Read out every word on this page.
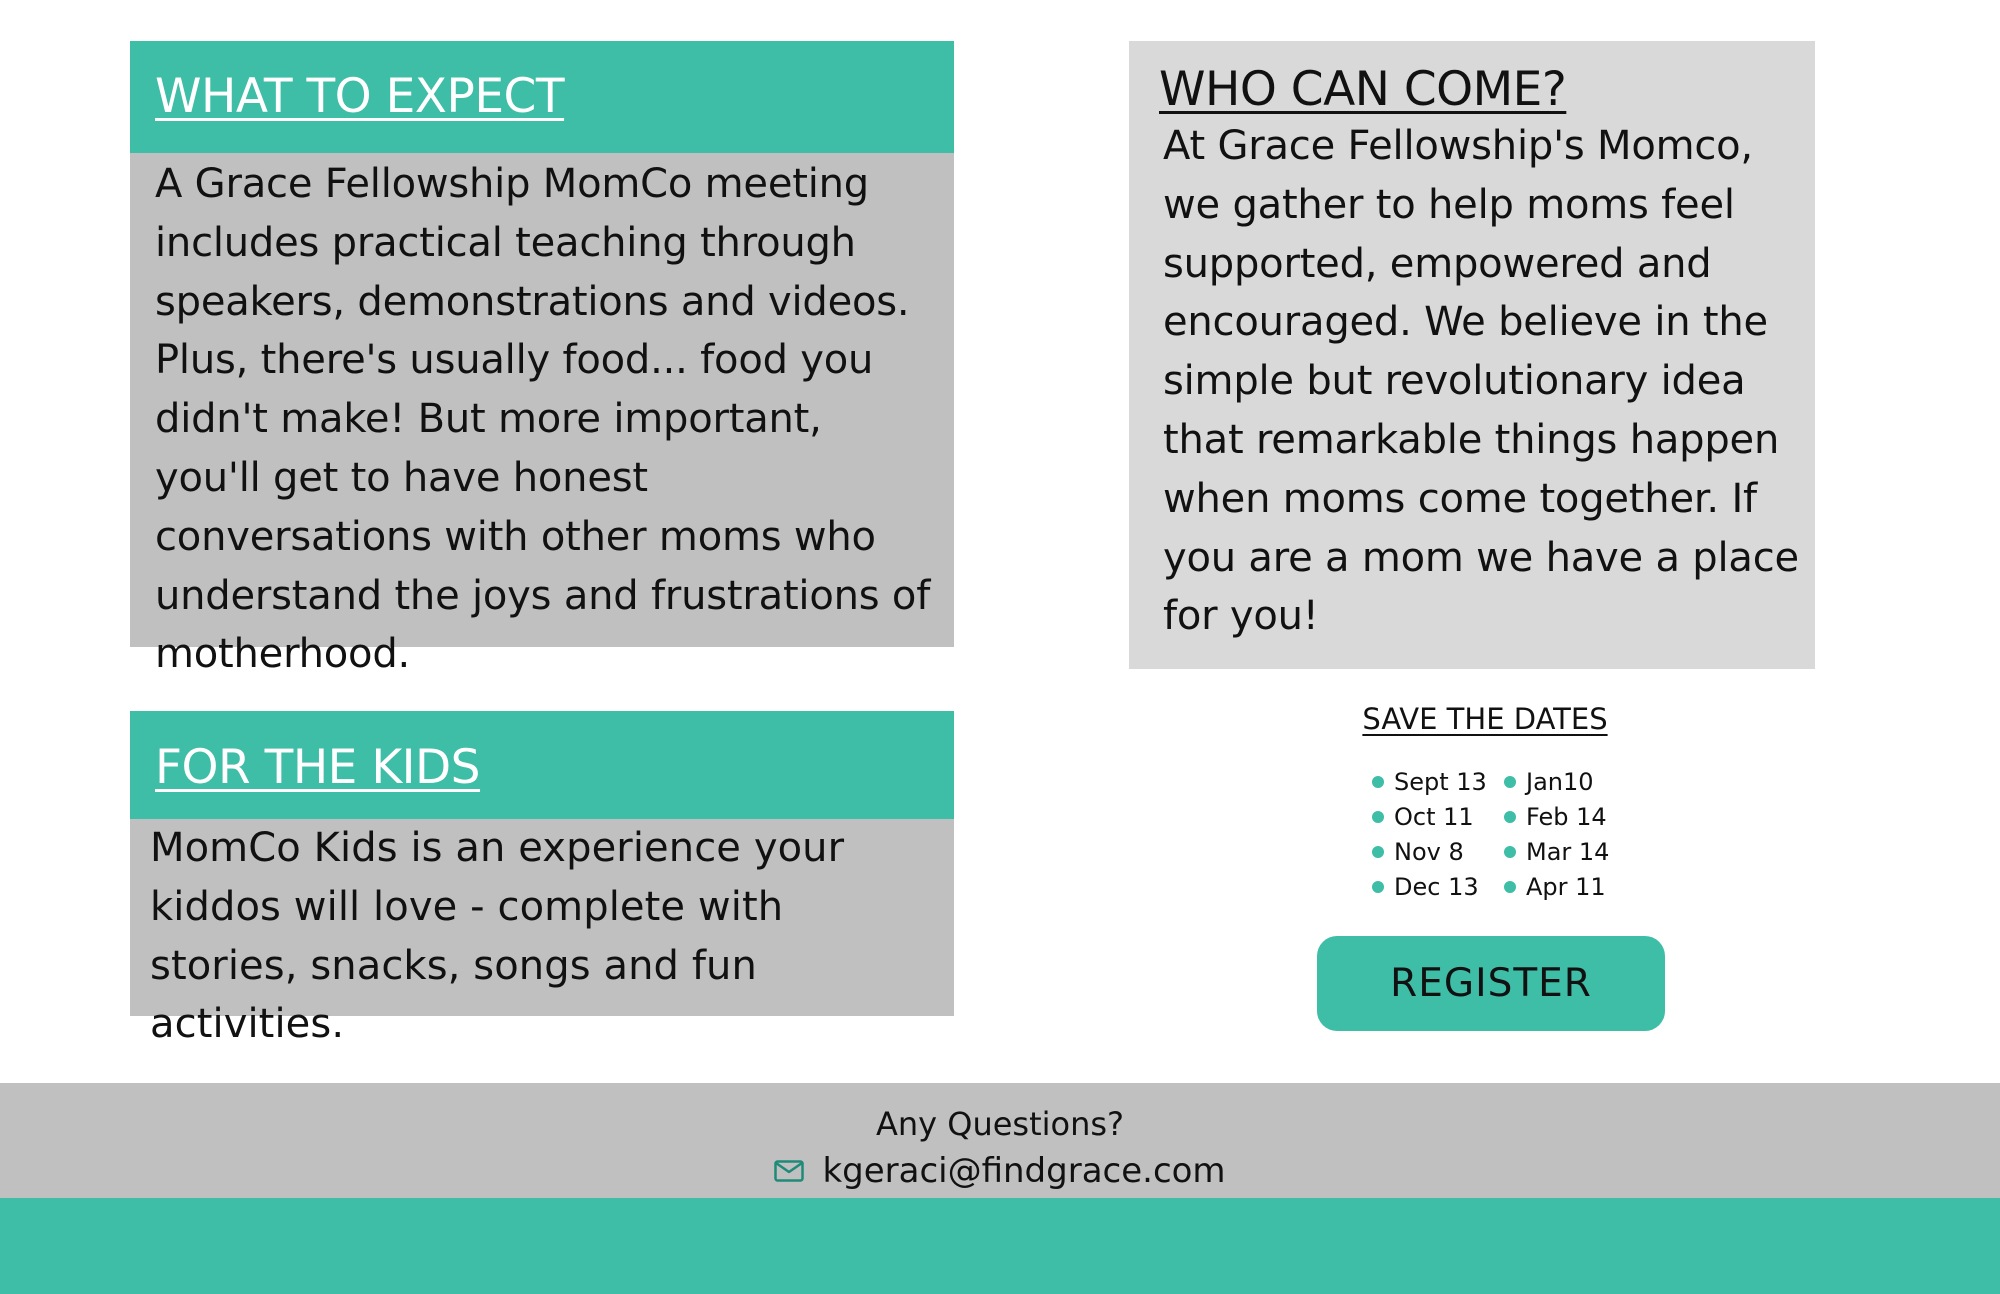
WHAT TO EXPECT

A Grace Fellowship MomCo meeting includes practical teaching through speakers, demonstrations and videos. Plus, there's usually food... food you didn't make! But more important, you'll get to have honest conversations with other moms who understand the joys and frustrations of motherhood.

FOR THE KIDS

MomCo Kids is an experience your kiddos will love - complete with stories, snacks, songs and fun activities.

WHO CAN COME?

At Grace Fellowship's Momco, we gather to help moms feel supported, empowered and encouraged. We believe in the simple but revolutionary idea that remarkable things happen when moms come together. If you are a mom we have a place for you!

SAVE THE DATES
Sept 13
Oct 11
Nov 8
Dec 13
Jan10
Feb 14
Mar 14
Apr 11
REGISTER

Any Questions?

kgeraci@findgrace.com
